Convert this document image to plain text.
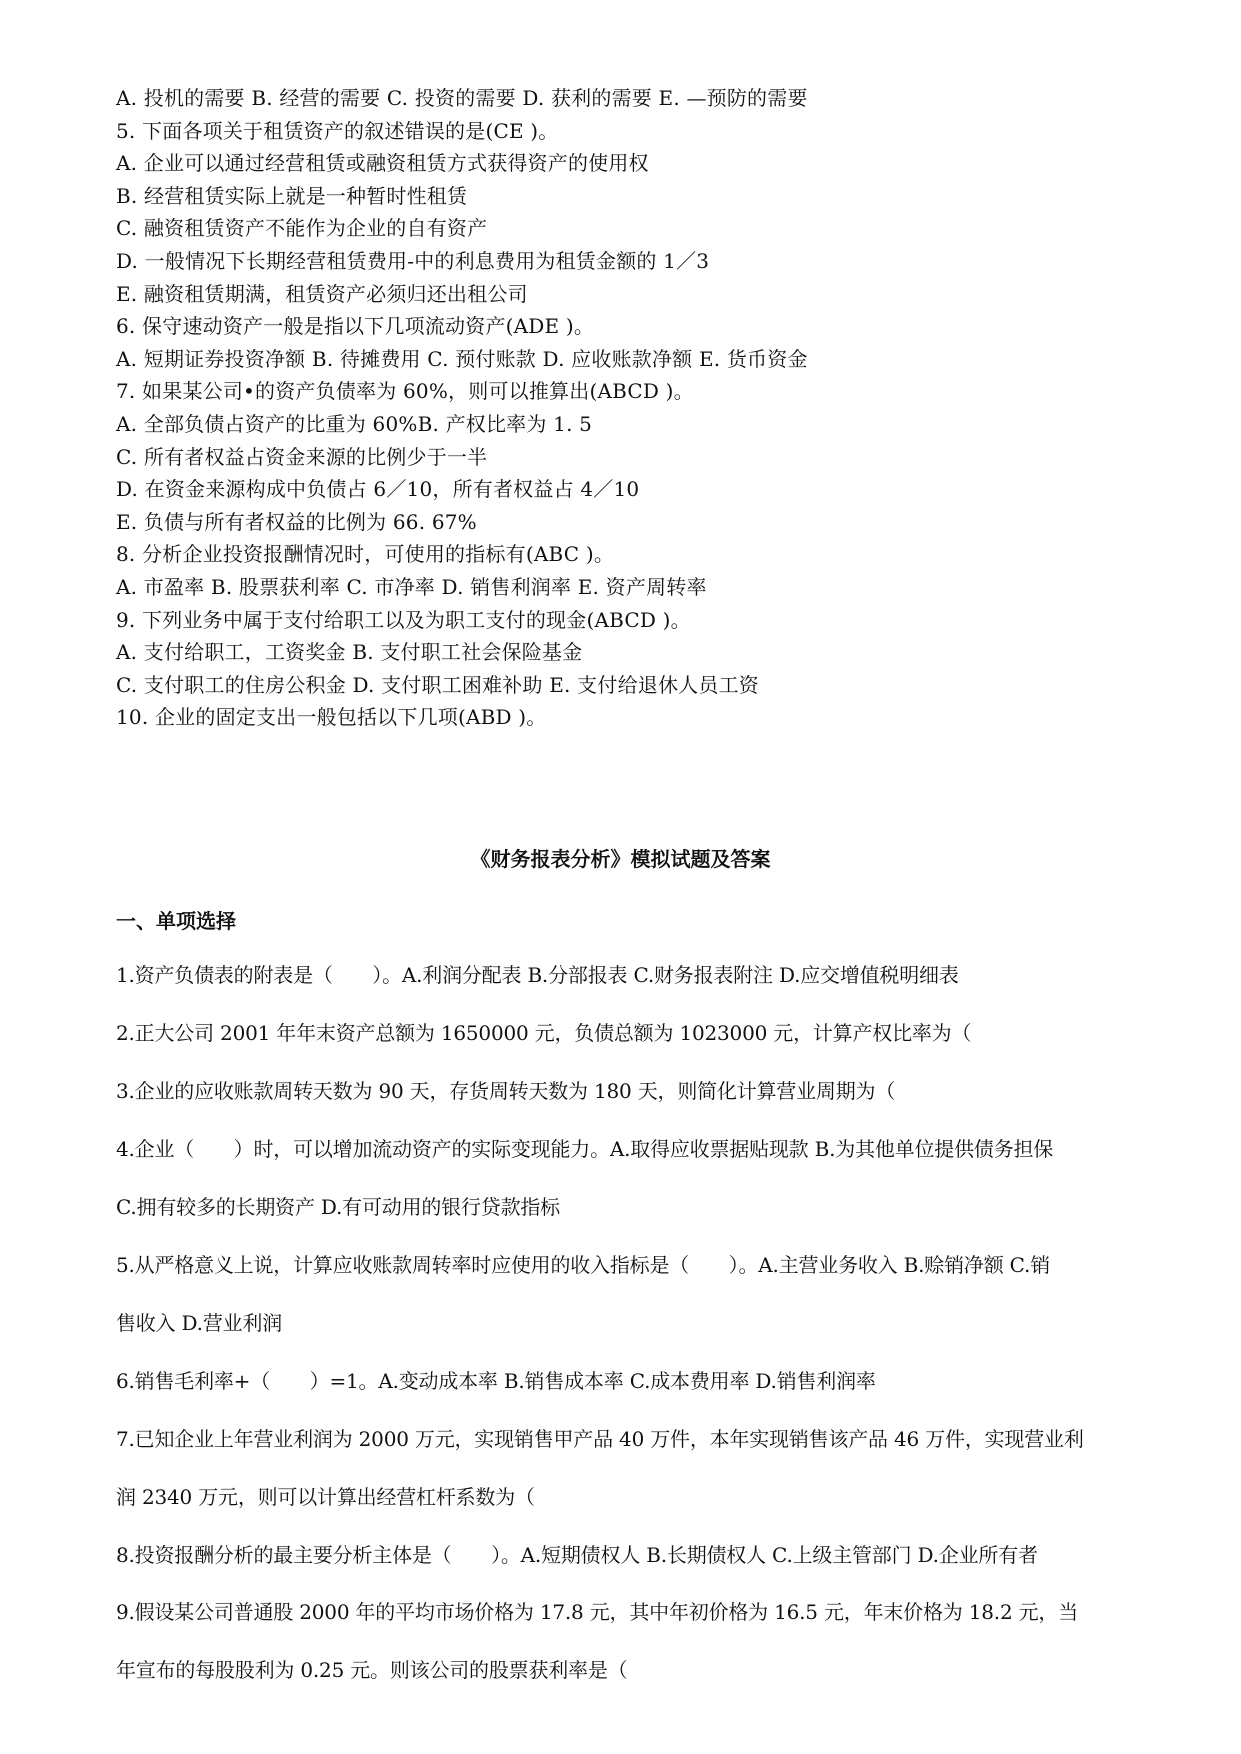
A. 投机的需要 B. 经营的需要 C. 投资的需要 D. 获利的需要 E. —预防的需要
5. 下面各项关于租赁资产的叙述错误的是(CE )。
A. 企业可以通过经营租赁或融资租赁方式获得资产的使用权
B. 经营租赁实际上就是一种暂时性租赁
C. 融资租赁资产不能作为企业的自有资产
D. 一般情况下长期经营租赁费用-中的利息费用为租赁金额的 1／3
E. 融资租赁期满，租赁资产必须归还出租公司
6. 保守速动资产一般是指以下几项流动资产(ADE )。
A. 短期证券投资净额 B. 待摊费用 C. 预付账款 D. 应收账款净额 E. 货币资金
7. 如果某公司•的资产负债率为 60%，则可以推算出(ABCD )。
A. 全部负债占资产的比重为 60%B. 产权比率为 1. 5
C. 所有者权益占资金来源的比例少于一半
D. 在资金来源构成中负债占 6／10，所有者权益占 4／10
E. 负债与所有者权益的比例为 66. 67%
8. 分析企业投资报酬情况时，可使用的指标有(ABC )。
A. 市盈率 B. 股票获利率 C. 市净率 D. 销售利润率 E. 资产周转率
9. 下列业务中属于支付给职工以及为职工支付的现金(ABCD )。
A. 支付给职工，工资奖金 B. 支付职工社会保险基金
C. 支付职工的住房公积金 D. 支付职工困难补助 E. 支付给退休人员工资
10. 企业的固定支出一般包括以下几项(ABD )。
《财务报表分析》模拟试题及答案
一、单项选择
1.资产负债表的附表是（　　）。A.利润分配表 B.分部报表 C.财务报表附注 D.应交增值税明细表
2.正大公司 2001 年年末资产总额为 1650000 元，负债总额为 1023000 元，计算产权比率为（
3.企业的应收账款周转天数为 90 天，存货周转天数为 180 天，则简化计算营业周期为（
4.企业（　　）时，可以增加流动资产的实际变现能力。A.取得应收票据贴现款 B.为其他单位提供债务担保
C.拥有较多的长期资产 D.有可动用的银行贷款指标
5.从严格意义上说，计算应收账款周转率时应使用的收入指标是（　　）。A.主营业务收入 B.赊销净额 C.销
售收入 D.营业利润
6.销售毛利率+（　　）=1。A.变动成本率 B.销售成本率 C.成本费用率 D.销售利润率
7.已知企业上年营业利润为 2000 万元，实现销售甲产品 40 万件，本年实现销售该产品 46 万件，实现营业利
润 2340 万元，则可以计算出经营杠杆系数为（
8.投资报酬分析的最主要分析主体是（　　）。A.短期债权人 B.长期债权人 C.上级主管部门 D.企业所有者
9.假设某公司普通股 2000 年的平均市场价格为 17.8 元，其中年初价格为 16.5 元，年末价格为 18.2 元，当
年宣布的每股股利为 0.25 元。则该公司的股票获利率是（
